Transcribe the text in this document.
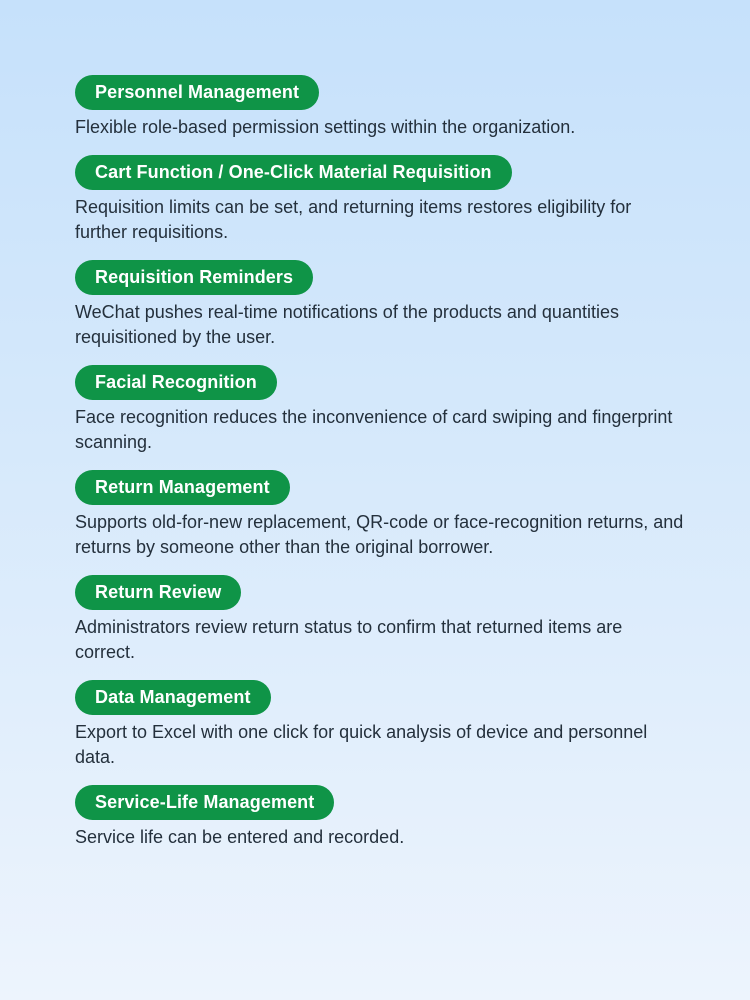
Personnel Management
Flexible role-based permission settings within the organization.
Cart Function / One-Click Material Requisition
Requisition limits can be set, and returning items restores eligibility for further requisitions.
Requisition Reminders
WeChat pushes real-time notifications of the products and quantities requisitioned by the user.
Facial Recognition
Face recognition reduces the inconvenience of card swiping and fingerprint scanning.
Return Management
Supports old-for-new replacement, QR-code or face-recognition returns, and returns by someone other than the original borrower.
Return Review
Administrators review return status to confirm that returned items are correct.
Data Management
Export to Excel with one click for quick analysis of device and personnel data.
Service-Life Management
Service life can be entered and recorded.
